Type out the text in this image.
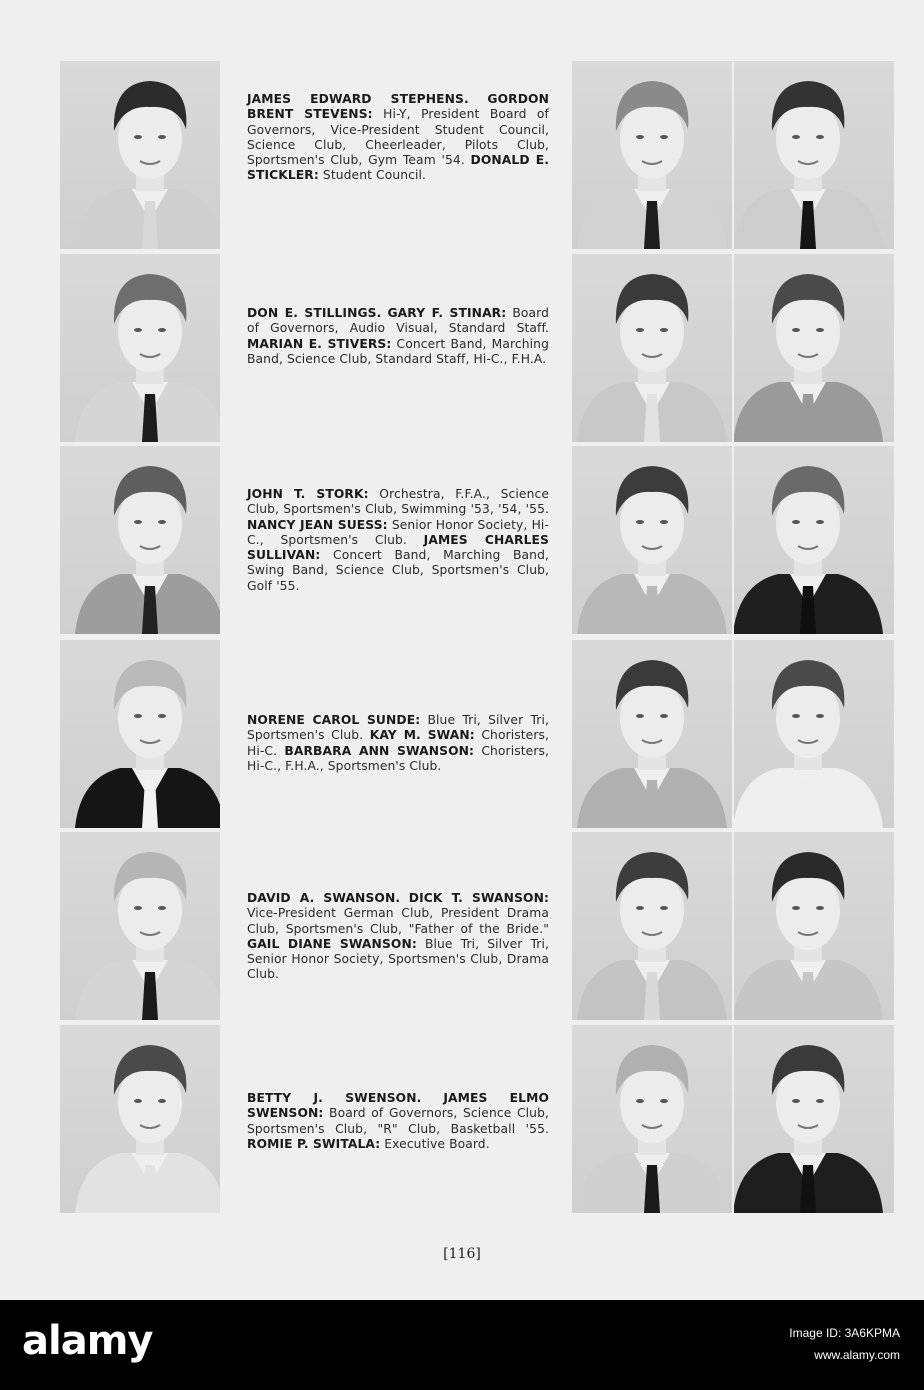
JAMES EDWARD STEPHENS. GORDON BRENT STEVENS: Hi-Y, President Board of Governors, Vice-President Student Council, Science Club, Cheerleader, Pilots Club, Sportsmen's Club, Gym Team '54. DONALD E. STICKLER: Student Council.
DON E. STILLINGS. GARY F. STINAR: Board of Governors, Audio Visual, Standard Staff. MARIAN E. STIVERS: Concert Band, Marching Band, Science Club, Standard Staff, Hi-C., F.H.A.
JOHN T. STORK: Orchestra, F.F.A., Science Club, Sportsmen's Club, Swimming '53, '54, '55. NANCY JEAN SUESS: Senior Honor Society, Hi-C., Sportsmen's Club. JAMES CHARLES SULLIVAN: Concert Band, Marching Band, Swing Band, Science Club, Sportsmen's Club, Golf '55.
NORENE CAROL SUNDE: Blue Tri, Silver Tri, Sportsmen's Club. KAY M. SWAN: Choristers, Hi-C. BARBARA ANN SWANSON: Choristers, Hi-C., F.H.A., Sportsmen's Club.
DAVID A. SWANSON. DICK T. SWANSON: Vice-President German Club, President Drama Club, Sportsmen's Club, "Father of the Bride." GAIL DIANE SWANSON: Blue Tri, Silver Tri, Senior Honor Society, Sportsmen's Club, Drama Club.
BETTY J. SWENSON. JAMES ELMO SWENSON: Board of Governors, Science Club, Sportsmen's Club, "R" Club, Basketball '55. ROMIE P. SWITALA: Executive Board.
[116]
alamy	Image ID: 3A6KPMA
www.alamy.com
